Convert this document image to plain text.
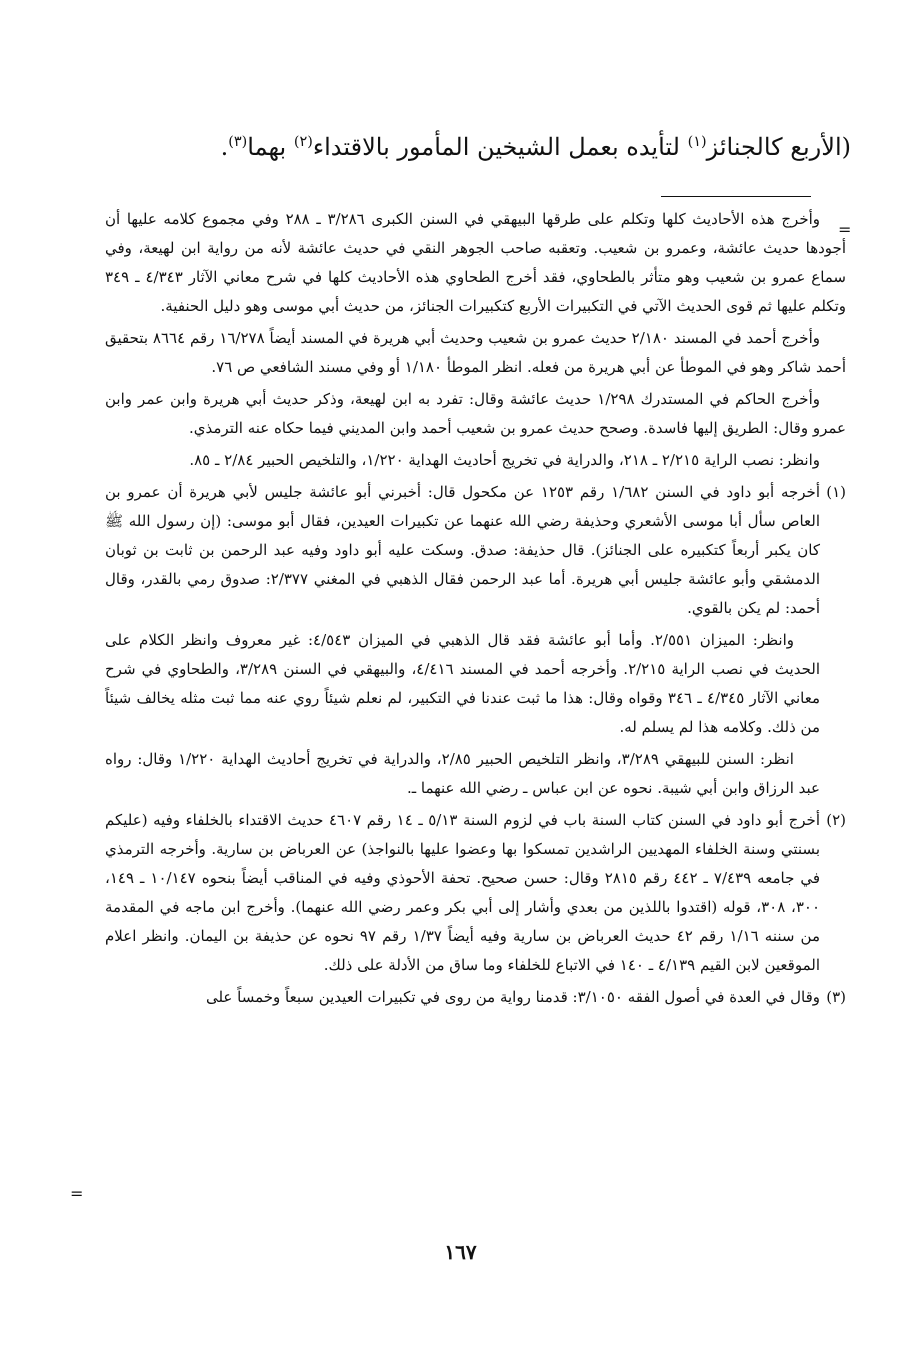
(الأربع كالجنائز$^{(١)}$ لتأيده بعمل الشيخين المأمور بالاقتداء$^{(٢)}$ بهما$^{(٣)}$.
=

وأخرج هذه الأحاديث كلها وتكلم على طرقها البيهقي في السنن الكبرى ٣/٢٨٦ ـ ٢٨٨ وفي مجموع كلامه عليها أن أجودها حديث عائشة، وعمرو بن شعيب. وتعقبه صاحب الجوهر النقي في حديث عائشة لأنه من رواية ابن لهيعة، وفي سماع عمرو بن شعيب وهو متأثر بالطحاوي، فقد أخرج الطحاوي هذه الأحاديث كلها في شرح معاني الآثار ٤/٣٤٣ ـ ٣٤٩ وتكلم عليها ثم قوى الحديث الآتي في التكبيرات الأربع كتكبيرات الجنائز، من حديث أبي موسى وهو دليل الحنفية.

وأخرج أحمد في المسند ٢/١٨٠ حديث عمرو بن شعيب وحديث أبي هريرة في المسند أيضاً ١٦/٢٧٨ رقم ٨٦٦٤ بتحقيق أحمد شاكر وهو في الموطأ عن أبي هريرة من فعله. انظر الموطأ ١/١٨٠ أو وفي مسند الشافعي ص ٧٦.

وأخرج الحاكم في المستدرك ١/٢٩٨ حديث عائشة وقال: تفرد به ابن لهيعة، وذكر حديث أبي هريرة وابن عمر وابن عمرو وقال: الطريق إليها فاسدة. وصحح حديث عمرو بن شعيب أحمد وابن المديني فيما حكاه عنه الترمذي.

وانظر: نصب الراية ٢/٢١٥ ـ ٢١٨، والدراية في تخريج أحاديث الهداية ١/٢٢٠، والتلخيص الحبير ٢/٨٤ ـ ٨٥.

(١)

أخرجه أبو داود في السنن ١/٦٨٢ رقم ١٢٥٣ عن مكحول قال: أخبرني أبو عائشة جليس لأبي هريرة أن عمرو بن العاص سأل أبا موسى الأشعري وحذيفة رضي الله عنهما عن تكبيرات العيدين، فقال أبو موسى: (إن رسول الله ﷺ كان يكبر أربعاً كتكبيره على الجنائز). قال حذيفة: صدق. وسكت عليه أبو داود وفيه عبد الرحمن بن ثابت بن ثوبان الدمشقي وأبو عائشة جليس أبي هريرة. أما عبد الرحمن فقال الذهبي في المغني ٢/٣٧٧: صدوق رمي بالقدر، وقال أحمد: لم يكن بالقوي.

وانظر: الميزان ٢/٥٥١. وأما أبو عائشة فقد قال الذهبي في الميزان ٤/٥٤٣: غير معروف وانظر الكلام على الحديث في نصب الراية ٢/٢١٥. وأخرجه أحمد في المسند ٤/٤١٦، والبيهقي في السنن ٣/٢٨٩، والطحاوي في شرح معاني الآثار ٤/٣٤٥ ـ ٣٤٦ وقواه وقال: هذا ما ثبت عندنا في التكبير، لم نعلم شيئاً روي عنه مما ثبت مثله يخالف شيئاً من ذلك. وكلامه هذا لم يسلم له.

انظر: السنن للبيهقي ٣/٢٨٩، وانظر التلخيص الحبير ٢/٨٥، والدراية في تخريج أحاديث الهداية ١/٢٢٠ وقال: رواه عبد الرزاق وابن أبي شيبة. نحوه عن ابن عباس ـ رضي الله عنهما ـ.

(٢)

أخرج أبو داود في السنن كتاب السنة باب في لزوم السنة ٥/١٣ ـ ١٤ رقم ٤٦٠٧ حديث الاقتداء بالخلفاء وفيه (عليكم بسنتي وسنة الخلفاء المهديين الراشدين تمسكوا بها وعضوا عليها بالنواجذ) عن العرباض بن سارية. وأخرجه الترمذي في جامعه ٧/٤٣٩ ـ ٤٤٢ رقم ٢٨١٥ وقال: حسن صحيح. تحفة الأحوذي وفيه في المناقب أيضاً بنحوه ١٠/١٤٧ ـ ١٤٩، ٣٠٠، ٣٠٨، قوله (اقتدوا باللذين من بعدي وأشار إلى أبي بكر وعمر رضي الله عنهما). وأخرج ابن ماجه في المقدمة من سننه ١/١٦ رقم ٤٢ حديث العرباض بن سارية وفيه أيضاً ١/٣٧ رقم ٩٧ نحوه عن حذيفة بن اليمان. وانظر اعلام الموقعين لابن القيم ٤/١٣٩ ـ ١٤٠ في الاتباع للخلفاء وما ساق من الأدلة على ذلك.

(٣)

وقال في العدة في أصول الفقه ٣/١٠٥٠: قدمنا رواية من روى في تكبيرات العيدين سبعاً وخمساً على

=
١٦٧
